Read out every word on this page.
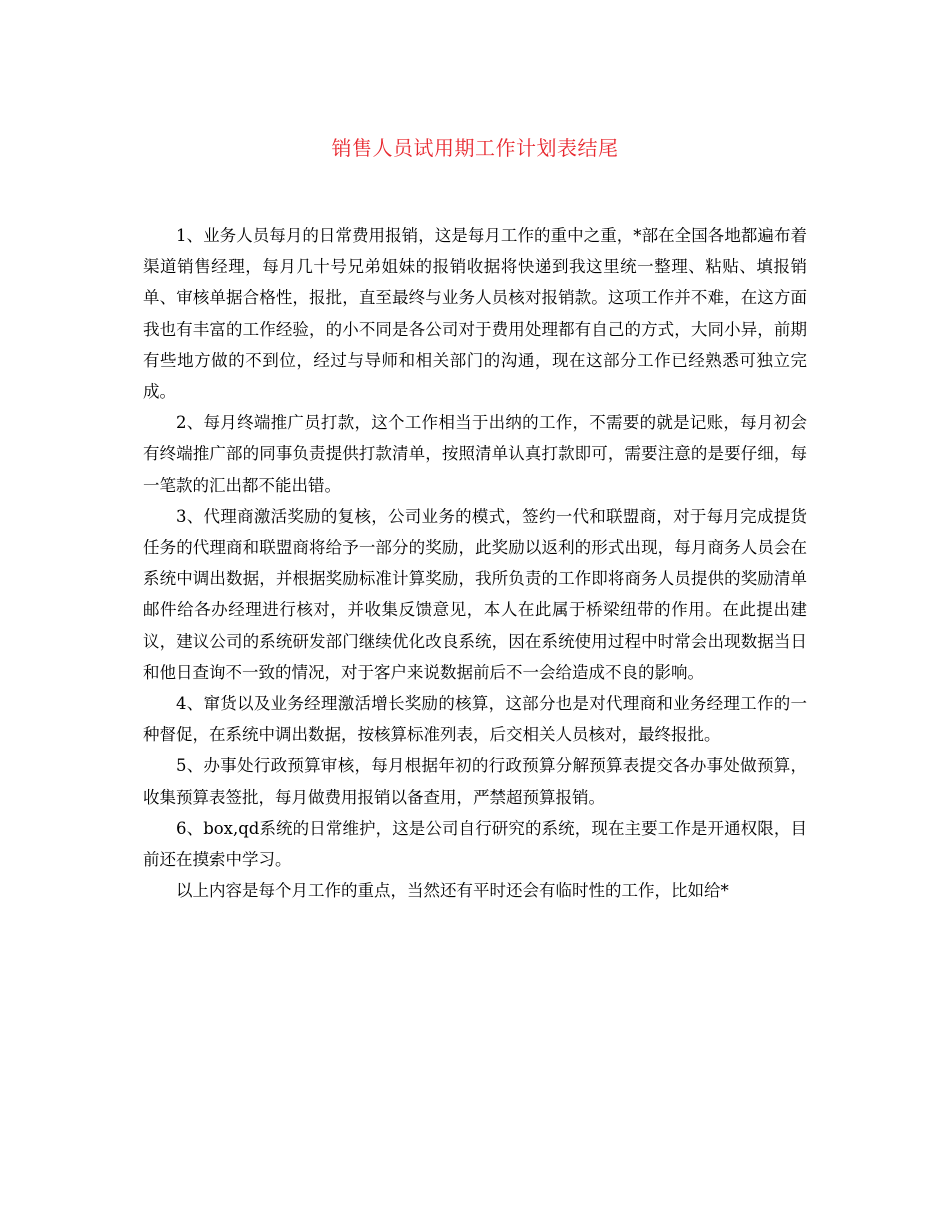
销售人员试用期工作计划表结尾

1、业务人员每月的日常费用报销，这是每月工作的重中之重，*部在全国各地都遍布着渠道销售经理，每月几十号兄弟姐妹的报销收据将快递到我这里统一整理、粘贴、填报销单、审核单据合格性，报批，直至最终与业务人员核对报销款。这项工作并不难，在这方面我也有丰富的工作经验，的小不同是各公司对于费用处理都有自己的方式，大同小异，前期有些地方做的不到位，经过与导师和相关部门的沟通，现在这部分工作已经熟悉可独立完成。

2、每月终端推广员打款，这个工作相当于出纳的工作，不需要的就是记账，每月初会有终端推广部的同事负责提供打款清单，按照清单认真打款即可，需要注意的是要仔细，每一笔款的汇出都不能出错。

3、代理商激活奖励的复核，公司业务的模式，签约一代和联盟商，对于每月完成提货任务的代理商和联盟商将给予一部分的奖励，此奖励以返利的形式出现，每月商务人员会在系统中调出数据，并根据奖励标准计算奖励，我所负责的工作即将商务人员提供的奖励清单邮件给各办经理进行核对，并收集反馈意见，本人在此属于桥梁纽带的作用。在此提出建议，建议公司的系统研发部门继续优化改良系统，因在系统使用过程中时常会出现数据当日和他日查询不一致的情况，对于客户来说数据前后不一会给造成不良的影响。

4、窜货以及业务经理激活增长奖励的核算，这部分也是对代理商和业务经理工作的一种督促，在系统中调出数据，按核算标准列表，后交相关人员核对，最终报批。

5、办事处行政预算审核，每月根据年初的行政预算分解预算表提交各办事处做预算，收集预算表签批，每月做费用报销以备查用，严禁超预算报销。

6、box,qd系统的日常维护，这是公司自行研究的系统，现在主要工作是开通权限，目前还在摸索中学习。

以上内容是每个月工作的重点，当然还有平时还会有临时性的工作，比如给*
